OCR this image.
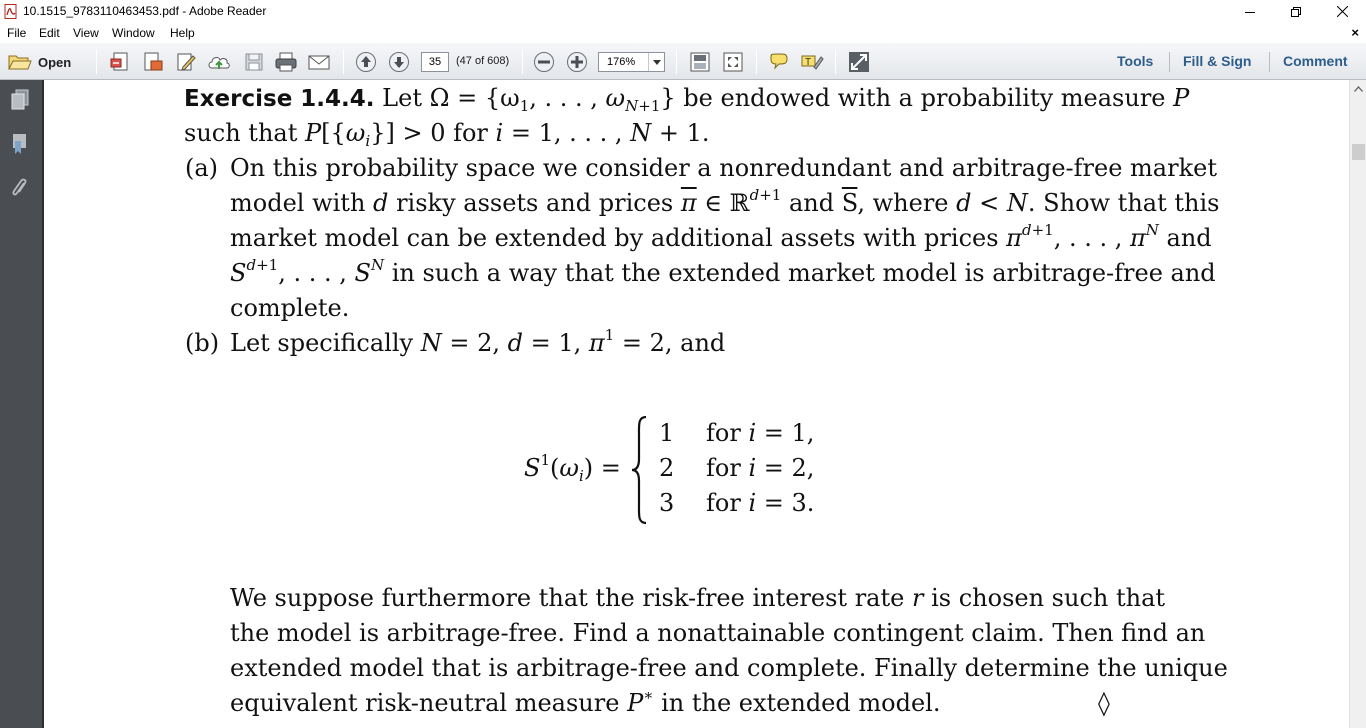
10.1515_9783110463453.pdf - Adobe Reader
File Edit View Window Help	×
Open	35	(47 of 608)	176%	T	Tools Fill & Sign Comment
Exercise 1.4.4. Let $\Omega = \{\omega_1$, . . . , $\omega_{N+1}$} be endowed with a probability measure P
such that $P[\{\omega_i\}] > 0$ for i = 1, . . . , N + 1.
(a) On this probability space we consider a nonredundant and arbitrage-free market
model with d risky assets and prices $\overline{\pi}$ ∈ ℝ$^{d+1}$ and $\overline{S}$, where d < N. Show that this
market model can be extended by additional assets with prices $\pi^{d+1}$, . . . , $\pi^N$ and
$S^{d+1}$, . . . , $S^N$ in such a way that the extended market model is arbitrage-free and
complete.
(b) Let specifically N = 2, d = 1, $\pi^1 = 2$, and
$S^1(\omega_i)$ =
1 for i = 1,
2 for i = 2,
3 for i = 3.
We suppose furthermore that the risk-free interest rate r is chosen such that
the model is arbitrage-free. Find a nonattainable contingent claim. Then find an
extended model that is arbitrage-free and complete. Finally determine the unique
equivalent risk-neutral measure P∗ in the extended model.	◊
